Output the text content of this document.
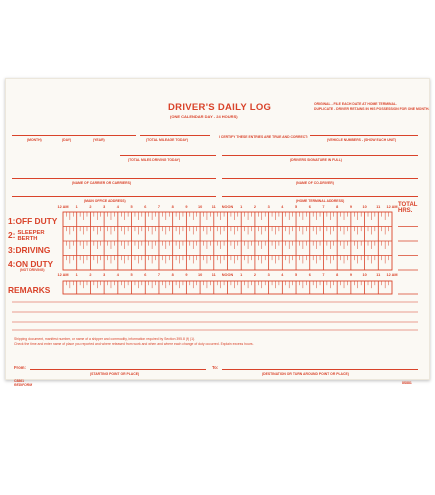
DRIVER'S DAILY LOG
(ONE CALENDAR DAY - 24 HOURS)
ORIGINAL - FILE EACH DATE AT HOME TERMINAL.
DUPLICATE - DRIVER RETAINS IN HIS POSSESSION FOR ONE MONTH.
(MONTH)	(DAY)	(YEAR)	(TOTAL MILEAGE TODAY)
I CERTIFY THESE ENTRIES ARE TRUE AND CORRECT:
(VEHICLE NUMBERS - (SHOW EACH UNIT)
(TOTAL MILES DRIVING TODAY)	(DRIVERS SIGNATURE IN FULL)
(NAME OF CARRIER OR CARRIERS)	(NAME OF CO-DRIVER)
(MAIN OFFICE ADDRESS)	(HOME TERMINAL ADDRESS)
TOTAL HRS.
1:OFF DUTY
2: SLEEPER BERTH
3:DRIVING
4:ON DUTY
(NOT DRIVING)
REMARKS
12 AM 1	2	3	4	5	6	7	8	9	10	11 NOON 1	2	3	4	5	6	7	8	9	10	11 12 AM
12 AM 1	2	3	4	5	6	7	8	9	10	11 NOON 1	2	3	4	5	6	7	8	9	10	11 12 AM
Shipping document, manifest number, or name of a shipper and commodity, information required by Section 395.8 (f) (1).
Check the time and enter name of place you reported and where released from work and when and where each change of duty occurred. Explain excess hours.
From:
(STARTING POINT OR PLACE)
To:
(DESTINATION OR TURN AROUND POINT OR PLACE)
C8861
REDIFORM	8S881
